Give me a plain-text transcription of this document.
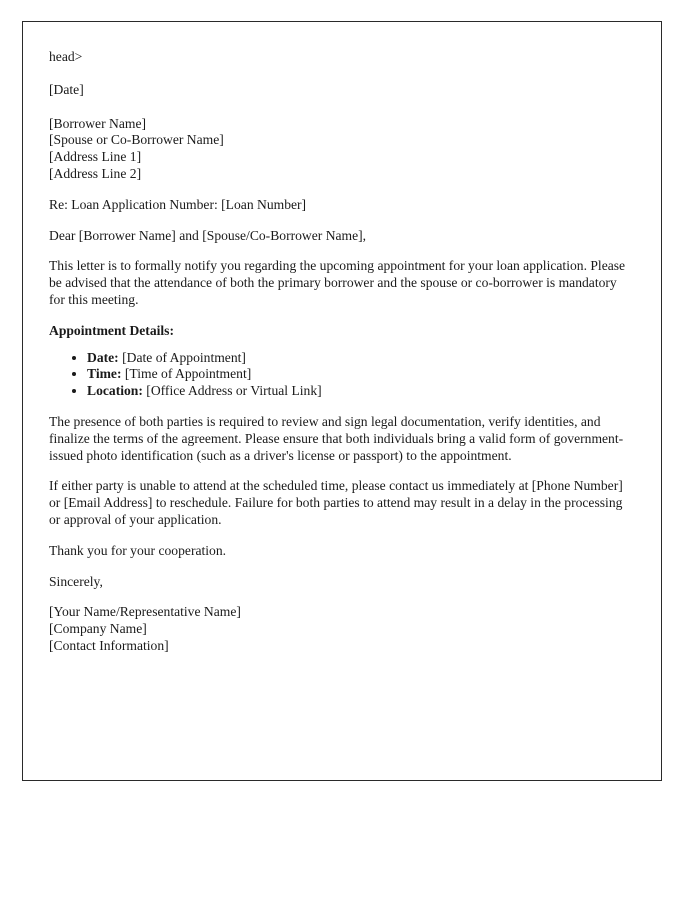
head>
[Date]
[Borrower Name]
[Spouse or Co-Borrower Name]
[Address Line 1]
[Address Line 2]
Re: Loan Application Number: [Loan Number]
Dear [Borrower Name] and [Spouse/Co-Borrower Name],
This letter is to formally notify you regarding the upcoming appointment for your loan application. Please be advised that the attendance of both the primary borrower and the spouse or co-borrower is mandatory for this meeting.
Appointment Details:
• Date: [Date of Appointment]
• Time: [Time of Appointment]
• Location: [Office Address or Virtual Link]
The presence of both parties is required to review and sign legal documentation, verify identities, and finalize the terms of the agreement. Please ensure that both individuals bring a valid form of government-issued photo identification (such as a driver's license or passport) to the appointment.
If either party is unable to attend at the scheduled time, please contact us immediately at [Phone Number] or [Email Address] to reschedule. Failure for both parties to attend may result in a delay in the processing or approval of your application.
Thank you for your cooperation.
Sincerely,
[Your Name/Representative Name]
[Company Name]
[Contact Information]
